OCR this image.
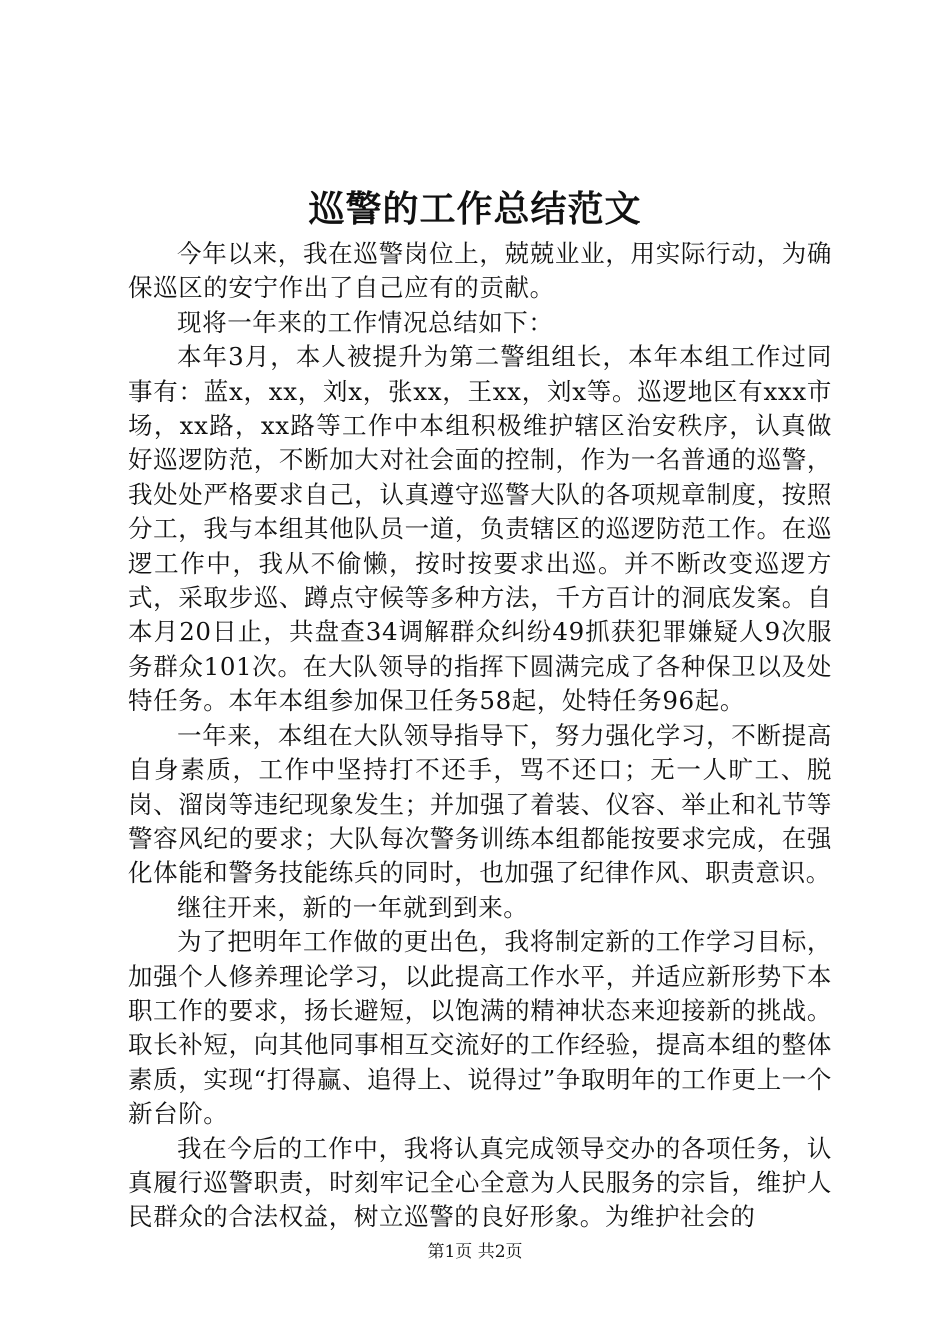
巡警的工作总结范文

今年以来，我在巡警岗位上，兢兢业业，用实际行动，为确保巡区的安宁作出了自己应有的贡献。

现将一年来的工作情况总结如下：

本年3月，本人被提升为第二警组组长，本年本组工作过同事有：蓝x，xx，刘x，张xx，王xx，刘x等。巡逻地区有xxx市场，xx路，xx路等工作中本组积极维护辖区治安秩序，认真做好巡逻防范，不断加大对社会面的控制，作为一名普通的巡警，我处处严格要求自己，认真遵守巡警大队的各项规章制度，按照分工，我与本组其他队员一道，负责辖区的巡逻防范工作。在巡逻工作中，我从不偷懒，按时按要求出巡。并不断改变巡逻方式，采取步巡、蹲点守候等多种方法，千方百计的洞底发案。自本月20日止，共盘查34调解群众纠纷49抓获犯罪嫌疑人9次服务群众101次。在大队领导的指挥下圆满完成了各种保卫以及处特任务。本年本组参加保卫任务58起，处特任务96起。

一年来，本组在大队领导指导下，努力强化学习，不断提高自身素质，工作中坚持打不还手，骂不还口；无一人旷工、脱岗、溜岗等违纪现象发生；并加强了着装、仪容、举止和礼节等警容风纪的要求；大队每次警务训练本组都能按要求完成，在强化体能和警务技能练兵的同时，也加强了纪律作风、职责意识。

继往开来，新的一年就到到来。

为了把明年工作做的更出色，我将制定新的工作学习目标，加强个人修养理论学习，以此提高工作水平，并适应新形势下本职工作的要求，扬长避短，以饱满的精神状态来迎接新的挑战。取长补短，向其他同事相互交流好的工作经验，提高本组的整体素质，实现“打得赢、追得上、说得过”争取明年的工作更上一个新台阶。

我在今后的工作中，我将认真完成领导交办的各项任务，认真履行巡警职责，时刻牢记全心全意为人民服务的宗旨，维护人民群众的合法权益，树立巡警的良好形象。为维护社会的

第1页 共2页
